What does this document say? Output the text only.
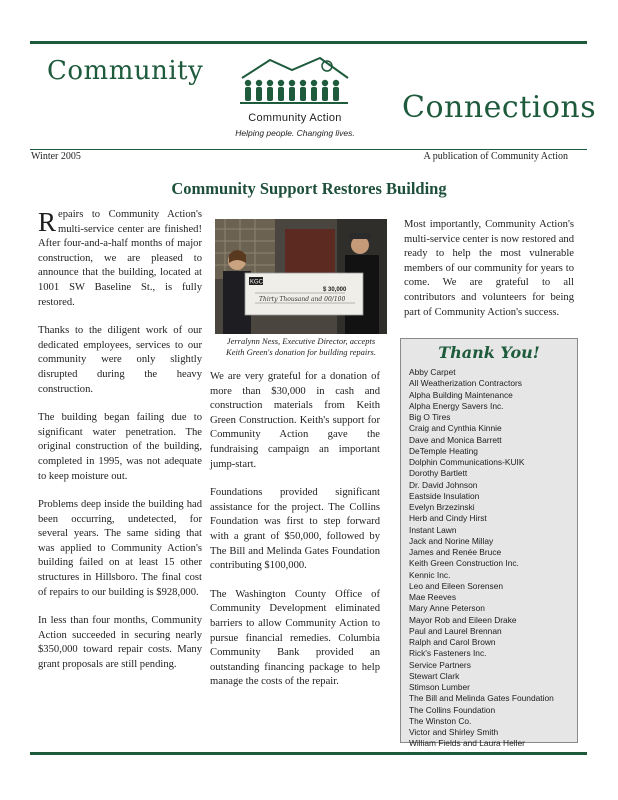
Community
Community Action
Helping people. Changing lives.
Connections
Winter 2005	A publication of Community Action
Community Support Restores Building

Repairs to Community Action's multi-service center are finished! After four-and-a-half months of major construction, we are pleased to announce that the building, located at 1001 SW Baseline St., is fully restored.

Thanks to the diligent work of our dedicated employees, services to our community were only slightly disrupted during the heavy construction.

The building began failing due to significant water penetration. The original construction of the building, completed in 1995, was not adequate to keep moisture out.

Problems deep inside the building had been occurring, undetected, for several years. The same siding that was applied to Community Action's building failed on at least 15 other structures in Hillsboro. The final cost of repairs to our building is $928,000.

In less than four months, Community Action succeeded in securing nearly $350,000 toward repair costs. Many grant proposals are still pending.

KGC
Thirty Thousand and 00/100
$ 30,000
Jerralynn Ness, Executive Director, accepts
Keith Green's donation for building repairs.

We are very grateful for a donation of more than $30,000 in cash and construction materials from Keith Green Construction. Keith's support for Community Action gave the fundraising campaign an important jump-start.

Foundations provided significant assistance for the project. The Collins Foundation was first to step forward with a grant of $50,000, followed by The Bill and Melinda Gates Foundation contributing $100,000.

The Washington County Office of Community Development eliminated barriers to allow Community Action to pursue financial remedies. Columbia Community Bank provided an outstanding financing package to help manage the costs of the repair.

Most importantly, Community Action's multi-service center is now restored and ready to help the most vulnerable members of our community for years to come. We are grateful to all contributors and volunteers for being part of Community Action's success.

Thank You!
Abby Carpet
All Weatherization Contractors
Alpha Building Maintenance
Alpha Energy Savers Inc.
Big O Tires
Craig and Cynthia Kinnie
Dave and Monica Barrett
DeTemple Heating
Dolphin Communications-KUIK
Dorothy Bartlett
Dr. David Johnson
Eastside Insulation
Evelyn Brzezinski
Herb and Cindy Hirst
Instant Lawn
Jack and Norine Millay
James and Renée Bruce
Keith Green Construction Inc.
Kennic Inc.
Leo and Eileen Sorensen
Mae Reeves
Mary Anne Peterson
Mayor Rob and Eileen Drake
Paul and Laurel Brennan
Ralph and Carol Brown
Rick's Fasteners Inc.
Service Partners
Stewart Clark
Stimson Lumber
The Bill and Melinda Gates Foundation
The Collins Foundation
The Winston Co.
Victor and Shirley Smith
William Fields and Laura Heller
